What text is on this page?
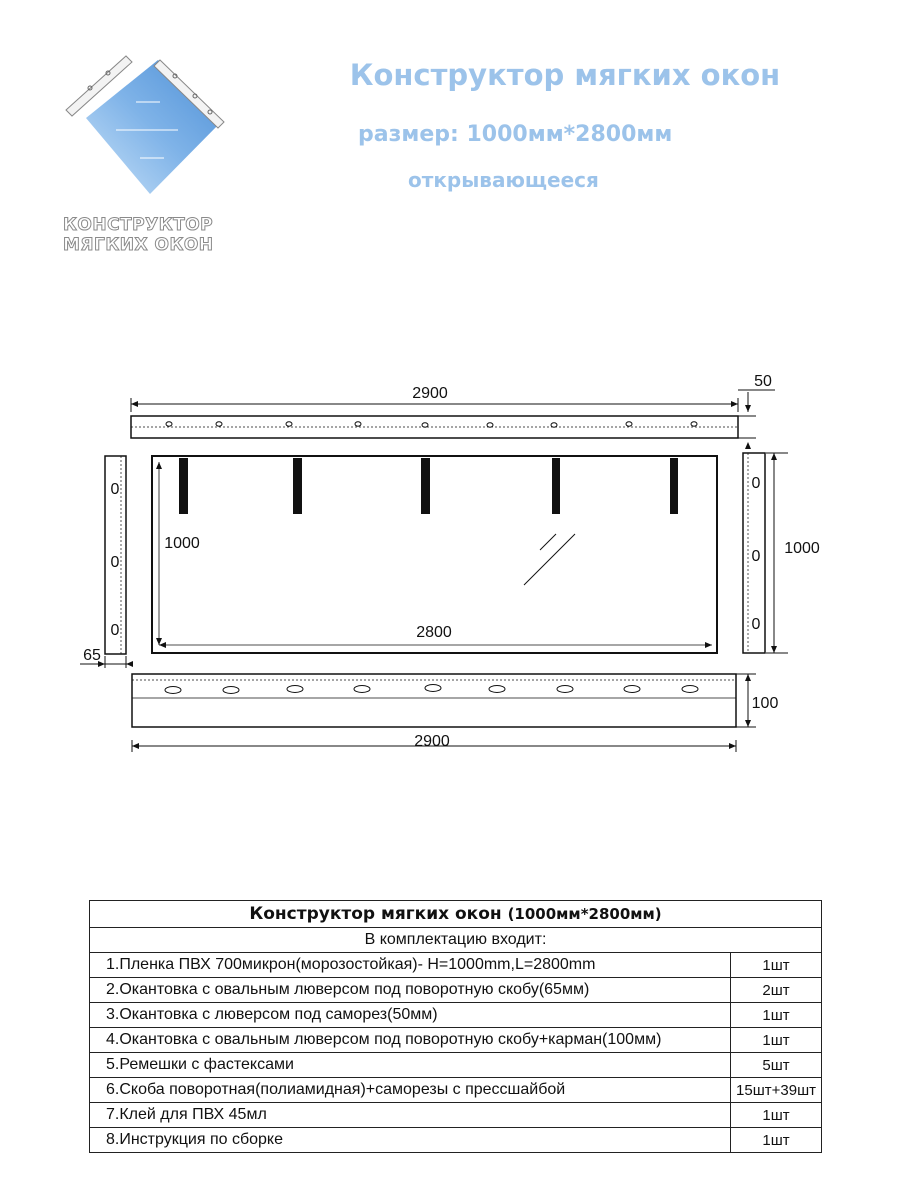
КОНСТРУКТОР
МЯГКИХ ОКОН
Конструктор мягких окон
размер: 1000мм*2800мм
открывающееся
2900
50
65
1000
2800
1000
100
2900
0
0
0
0
0
0
Конструктор мягких окон (1000мм*2800мм)	
В комплектацию входит:	
1.Пленка ПВХ 700микрон(морозостойкая)- H=1000mm,L=2800mm	1шт
2.Окантовка с овальным люверсом под поворотную скобу(65мм)	2шт
3.Окантовка с люверсом под саморез(50мм)	1шт
4.Окантовка с овальным люверсом под поворотную скобу+карман(100мм)	1шт
5.Ремешки с фастексами	5шт
6.Скоба поворотная(полиамидная)+саморезы с прессшайбой	15шт+39шт
7.Клей для ПВХ 45мл	1шт
8.Инструкция по сборке	1шт
